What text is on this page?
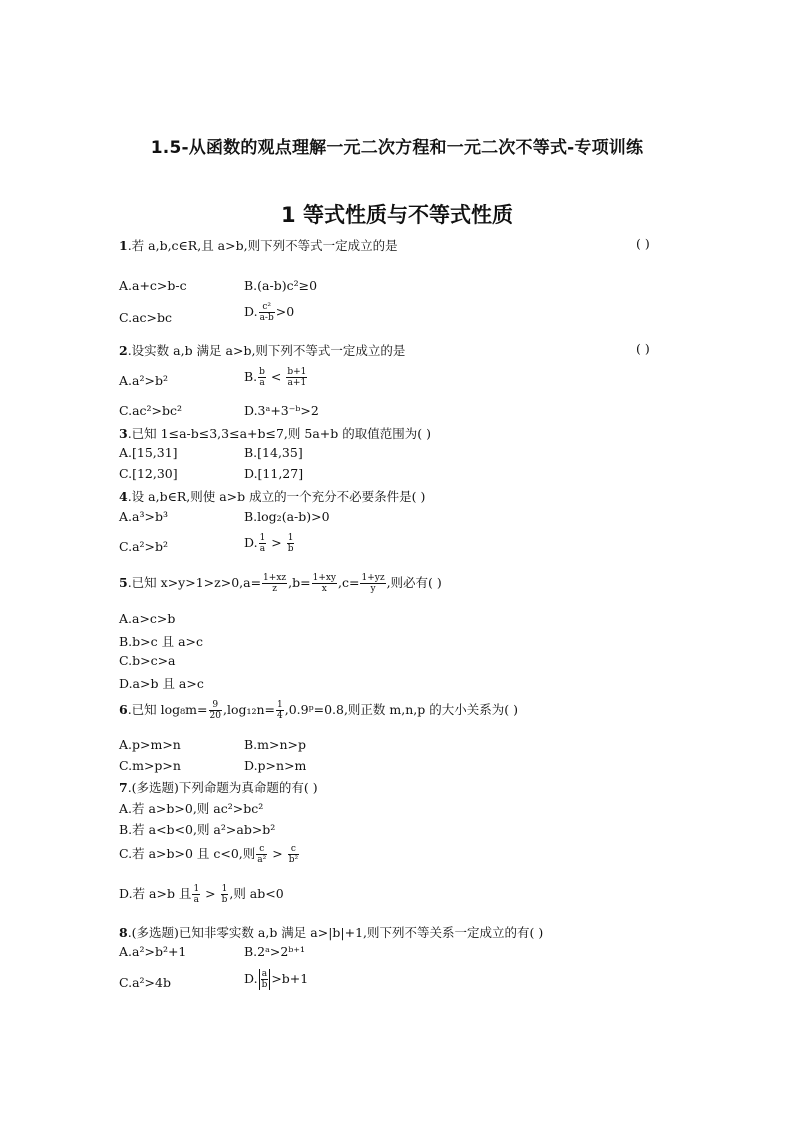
1.5-从函数的观点理解一元二次方程和一元二次不等式-专项训练
1 等式性质与不等式性质
1.若 a,b,c∈R,且 a>b,则下列不等式一定成立的是	( )
A.a+c>b-c	B.(a-b)c²≥0
C.ac>bc	D. $\frac{\text{c²}}{a-b} >0$
2.设实数 a,b 满足 a>b,则下列不等式一定成立的是	( )
A.a²>b²	B. $\frac{b}{a} < \frac{b+1}{a+1}$
C.ac²>bc²	D.3ᵃ+3⁻ᵇ>2
3.已知 1≤a-b≤3,3≤a+b≤7,则 5a+b 的取值范围为( )
A.[15,31]	B.[14,35]
C.[12,30]	D.[11,27]
4.设 a,b∈R,则使 a>b 成立的一个充分不必要条件是( )
A.a³>b³	B.log₂(a-b)>0
C.a²>b²	D. $\frac{1}{a} > \frac{1}{b}$
5.已知 $x>y>1>z>0,a= \frac{1+xz}{z} ,b= \frac{1+xy}{x} ,c= \frac{1+yz}{y}$ ,则必有( )
A.a>c>b
B.b>c 且 a>c
C.b>c>a
D.a>b 且 a>c
6.已知 $\log_8m= \frac{9}{20} ,\log_{12}n= \frac{1}{4}$ ,0.9ᵖ=0.8,则正数 m,n,p 的大小关系为( )
A.p>m>n	B.m>n>p
C.m>p>n	D.p>n>m
7.(多选题)下列命题为真命题的有( )
A.若 a>b>0,则 ac²>bc²
B.若 a<b<0,则 a²>ab>b²
C.若 a>b>0 且 c<0,则 $\frac{c}{\text{a²}} > \frac{c}{\text{b²}}$
D.若 a>b 且 $\frac{1}{a} > \frac{1}{b}$ ,则 ab<0
8.(多选题)已知非零实数 a,b 满足 a>|b|+1,则下列不等关系一定成立的有( )
A.a²>b²+1	B.2ᵃ>2ᵇ⁺¹
C.a²>4b	D. $\frac{a}{b} >b+1$
